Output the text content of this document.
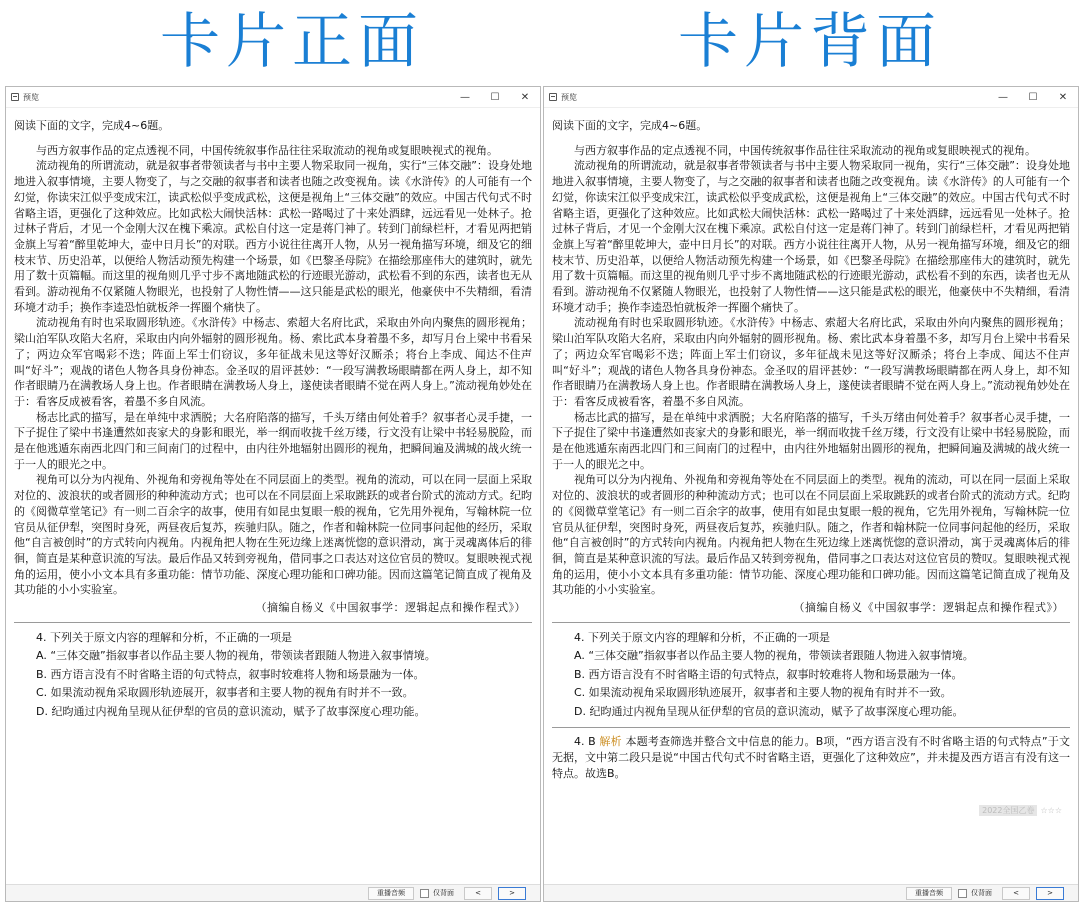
卡片正面	卡片背面
预览	—	☐	✕

阅读下面的文字，完成4~6题。

与西方叙事作品的定点透视不同，中国传统叙事作品往往采取流动的视角或复眼映视式的视角。

流动视角的所谓流动，就是叙事者带领读者与书中主要人物采取同一视角，实行“三体交融”：设身处地地进入叙事情境，主要人物变了，与之交融的叙事者和读者也随之改变视角。读《水浒传》的人可能有一个幻觉，你读宋江似乎变成宋江，读武松似乎变成武松，这便是视角上“三体交融”的效应。中国古代句式不时省略主语，更强化了这种效应。比如武松大闹快活林：武松一路喝过了十来处酒肆，远远看见一处林子。抢过林子背后，才见一个金刚大汉在槐下乘凉。武松自付这一定是蒋门神了。转到门前绿栏杆，才看见两把销金旗上写着“醉里乾坤大，壶中日月长”的对联。西方小说往往离开人物，从另一视角描写环境，细及它的细枝末节、历史沿革，以便给人物活动预先构建一个场景，如《巴黎圣母院》在描绘那座伟大的建筑时，就先用了数十页篇幅。而这里的视角则几乎寸步不离地随武松的行迹眼光游动，武松看不到的东西，读者也无从看到。游动视角不仅紧随人物眼光，也投射了人物性情——这只能是武松的眼光，他豪侠中不失精细，看清环境才动手；换作李逵恐怕就板斧一挥圈个痛快了。

流动视角有时也采取圆形轨迹。《水浒传》中杨志、索超大名府比武，采取由外向内聚焦的圆形视角；梁山泊军队攻陷大名府，采取由内向外辐射的圆形视角。杨、索比武本身着墨不多，却写月台上梁中书看呆了；两边众军官喝彩不迭；阵面上军士们窃议，多年征战未见这等好汉厮杀；将台上李成、闻达不住声叫“好斗”；观战的诸色人物各具身份神态。金圣叹的眉评甚妙：“一段写满教场眼睛都在两人身上，却不知作者眼睛乃在满教场人身上也。作者眼睛在满教场人身上，遂使读者眼睛不觉在两人身上。”流动视角妙处在于：看客反成被看客，着墨不多自风流。

杨志比武的描写，是在单纯中求洒脱；大名府陷落的描写，千头万绪由何处着手？叙事者心灵手捷，一下子捉住了梁中书逢遭然如丧家犬的身影和眼光，举一纲而收拢千丝万缕，行文没有让梁中书轻易脱险，而是在他逃遁东南西北四门和三间南门的过程中，由内往外地辐射出圆形的视角，把瞬间遍及满城的战火统一于一人的眼光之中。

视角可以分为内视角、外视角和旁视角等处在不同层面上的类型。视角的流动，可以在同一层面上采取对位的、波浪状的或者圆形的种种流动方式；也可以在不同层面上采取跳跃的或者台阶式的流动方式。纪昀的《阅微草堂笔记》有一则二百余字的故事，使用有如昆虫复眼一般的视角，它先用外视角，写翰林院一位官员从征伊犁，突图时身死，两昼夜后复苏，疾驰归队。随之，作者和翰林院一位同事问起他的经历，采取他“自言被创时”的方式转向内视角。内视角把人物在生死边缘上迷离恍惚的意识滑动，寓于灵魂离体后的徘徊，简直是某种意识流的写法。最后作品又转到旁视角，借同事之口表达对这位官员的赞叹。复眼映视式视角的运用，使小小文本具有多重功能：情节功能、深度心理功能和口碑功能。因而这篇笔记简直成了视角及其功能的小小实验室。

（摘编自杨义《中国叙事学：逻辑起点和操作程式》）

4. 下列关于原文内容的理解和分析，不正确的一项是

A. “三体交融”指叙事者以作品主要人物的视角，带领读者跟随人物进入叙事情境。

B. 西方语言没有不时省略主语的句式特点，叙事时较难将人物和场景融为一体。

C. 如果流动视角采取圆形轨迹展开，叙事者和主要人物的视角有时并不一致。

D. 纪昀通过内视角呈现从征伊犁的官员的意识流动，赋予了故事深度心理功能。

重播音频	仅背面	<	>
预览	—	☐	✕

阅读下面的文字，完成4~6题。

与西方叙事作品的定点透视不同，中国传统叙事作品往往采取流动的视角或复眼映视式的视角。

流动视角的所谓流动，就是叙事者带领读者与书中主要人物采取同一视角，实行“三体交融”：设身处地地进入叙事情境，主要人物变了，与之交融的叙事者和读者也随之改变视角。读《水浒传》的人可能有一个幻觉，你读宋江似乎变成宋江，读武松似乎变成武松，这便是视角上“三体交融”的效应。中国古代句式不时省略主语，更强化了这种效应。比如武松大闹快活林：武松一路喝过了十来处酒肆，远远看见一处林子。抢过林子背后，才见一个金刚大汉在槐下乘凉。武松自付这一定是蒋门神了。转到门前绿栏杆，才看见两把销金旗上写着“醉里乾坤大，壶中日月长”的对联。西方小说往往离开人物，从另一视角描写环境，细及它的细枝末节、历史沿革，以便给人物活动预先构建一个场景，如《巴黎圣母院》在描绘那座伟大的建筑时，就先用了数十页篇幅。而这里的视角则几乎寸步不离地随武松的行迹眼光游动，武松看不到的东西，读者也无从看到。游动视角不仅紧随人物眼光，也投射了人物性情——这只能是武松的眼光，他豪侠中不失精细，看清环境才动手；换作李逵恐怕就板斧一挥圈个痛快了。

流动视角有时也采取圆形轨迹。《水浒传》中杨志、索超大名府比武，采取由外向内聚焦的圆形视角；梁山泊军队攻陷大名府，采取由内向外辐射的圆形视角。杨、索比武本身着墨不多，却写月台上梁中书看呆了；两边众军官喝彩不迭；阵面上军士们窃议，多年征战未见这等好汉厮杀；将台上李成、闻达不住声叫“好斗”；观战的诸色人物各具身份神态。金圣叹的眉评甚妙：“一段写满教场眼睛都在两人身上，却不知作者眼睛乃在满教场人身上也。作者眼睛在满教场人身上，遂使读者眼睛不觉在两人身上。”流动视角妙处在于：看客反成被看客，着墨不多自风流。

杨志比武的描写，是在单纯中求洒脱；大名府陷落的描写，千头万绪由何处着手？叙事者心灵手捷，一下子捉住了梁中书逢遭然如丧家犬的身影和眼光，举一纲而收拢千丝万缕，行文没有让梁中书轻易脱险，而是在他逃遁东南西北四门和三间南门的过程中，由内往外地辐射出圆形的视角，把瞬间遍及满城的战火统一于一人的眼光之中。

视角可以分为内视角、外视角和旁视角等处在不同层面上的类型。视角的流动，可以在同一层面上采取对位的、波浪状的或者圆形的种种流动方式；也可以在不同层面上采取跳跃的或者台阶式的流动方式。纪昀的《阅微草堂笔记》有一则二百余字的故事，使用有如昆虫复眼一般的视角，它先用外视角，写翰林院一位官员从征伊犁，突图时身死，两昼夜后复苏，疾驰归队。随之，作者和翰林院一位同事问起他的经历，采取他“自言被创时”的方式转向内视角。内视角把人物在生死边缘上迷离恍惚的意识滑动，寓于灵魂离体后的徘徊，简直是某种意识流的写法。最后作品又转到旁视角，借同事之口表达对这位官员的赞叹。复眼映视式视角的运用，使小小文本具有多重功能：情节功能、深度心理功能和口碑功能。因而这篇笔记简直成了视角及其功能的小小实验室。

（摘编自杨义《中国叙事学：逻辑起点和操作程式》）

4. 下列关于原文内容的理解和分析，不正确的一项是

A. “三体交融”指叙事者以作品主要人物的视角，带领读者跟随人物进入叙事情境。

B. 西方语言没有不时省略主语的句式特点，叙事时较难将人物和场景融为一体。

C. 如果流动视角采取圆形轨迹展开，叙事者和主要人物的视角有时并不一致。

D. 纪昀通过内视角呈现从征伊犁的官员的意识流动，赋予了故事深度心理功能。

4. B 解析 本题考查筛选并整合文中信息的能力。B项，“西方语言没有不时省略主语的句式特点”于文无据，文中第二段只是说“中国古代句式不时省略主语，更强化了这种效应”，并未提及西方语言有没有这一特点。故选B。

2022全国乙卷 ☆☆☆
重播音频	仅背面	<	>
